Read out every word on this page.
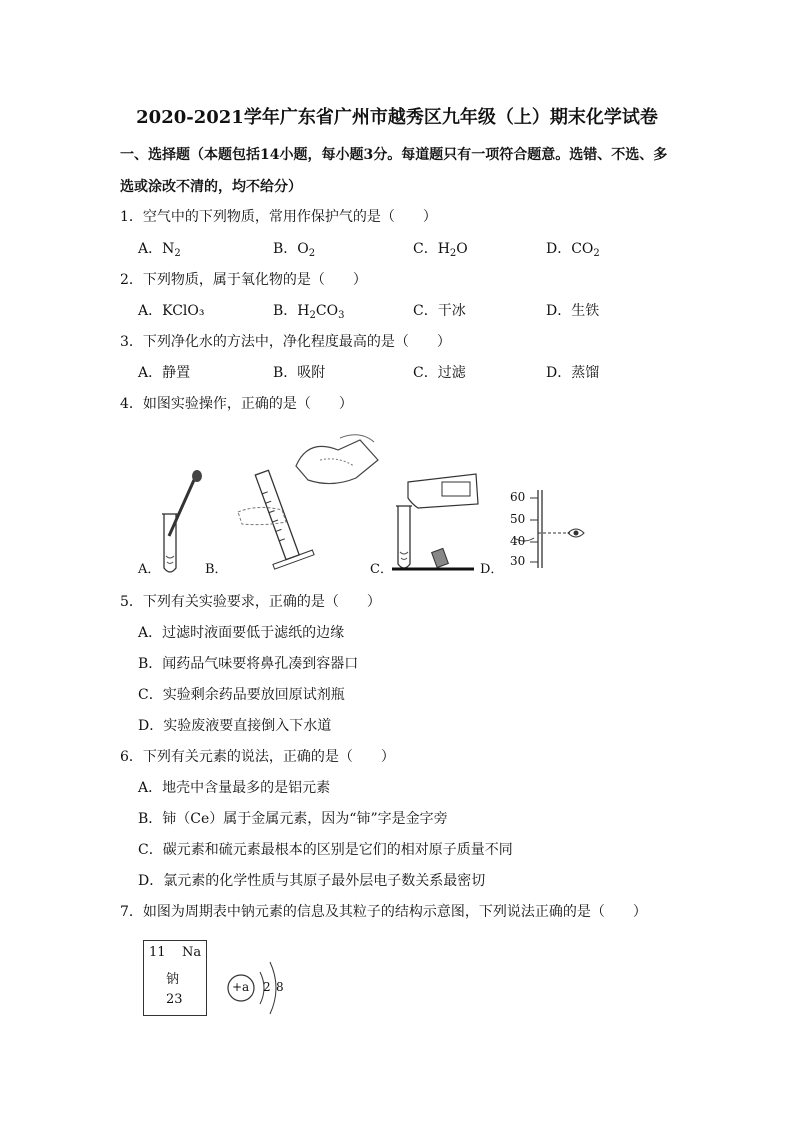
2020-2021学年广东省广州市越秀区九年级（上）期末化学试卷
一、选择题（本题包括14小题，每小题3分。每道题只有一项符合题意。选错、不选、多
选或涂改不清的，均不给分）
1．空气中的下列物质，常用作保护气的是（　　）
A．$N_2$	B．$O_2$	C．$H_2O$	D．$CO_2$
2．下列物质，属于氧化物的是（　　）
A．KClO₃	B．$H_2CO_3$	C．干冰	D．生铁
3．下列净化水的方法中，净化程度最高的是（　　）
A．静置	B．吸附	C．过滤	D．蒸馏
4．如图实验操作，正确的是（　　）
A．	B．	C．
60
50
40
30
D．
5．下列有关实验要求，正确的是（　　）
A．过滤时液面要低于滤纸的边缘
B．闻药品气味要将鼻孔凑到容器口
C．实验剩余药品要放回原试剂瓶
D．实验废液要直接倒入下水道
6．下列有关元素的说法，正确的是（　　）
A．地壳中含量最多的是铝元素
B．铈（Ce）属于金属元素，因为“铈”字是金字旁
C．碳元素和硫元素最根本的区别是它们的相对原子质量不同
D．氯元素的化学性质与其原子最外层电子数关系最密切
7．如图为周期表中钠元素的信息及其粒子的结构示意图，下列说法正确的是（　　）
11 Na
钠
23
+a 2 8
